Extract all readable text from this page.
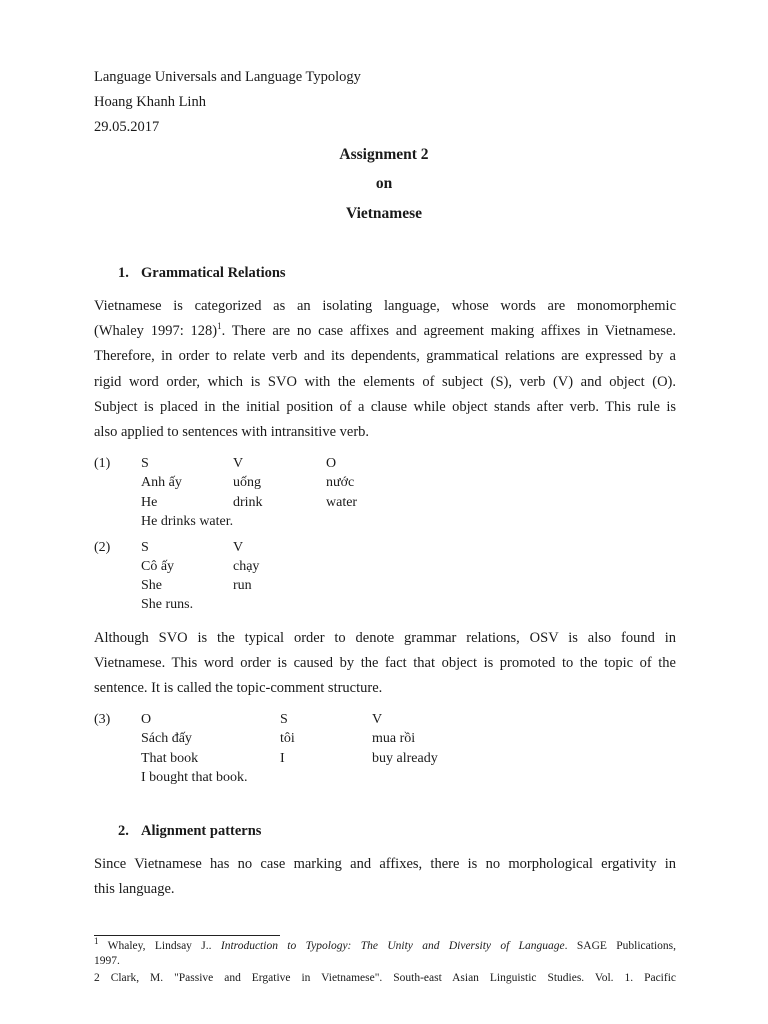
Language Universals and Language Typology
Hoang Khanh Linh
29.05.2017
Assignment 2
on
Vietnamese
1. Grammatical Relations
Vietnamese is categorized as an isolating language, whose words are monomorphemic
(Whaley 1997: 128)$^1$. There are no case affixes and agreement making affixes in Vietnamese.
Therefore, in order to relate verb and its dependents, grammatical relations are expressed by a
rigid word order, which is SVO with the elements of subject (S), verb (V) and object (O).
Subject is placed in the initial position of a clause while object stands after verb. This rule is
also applied to sentences with intransitive verb.
(1) S	V	O
Anh ấy	uống	nước
He	drink	water
He drinks water.
(2) S	V
Cô ấy	chạy
She	run
She runs.
Although SVO is the typical order to denote grammar relations, OSV is also found in
Vietnamese. This word order is caused by the fact that object is promoted to the topic of the
sentence. It is called the topic-comment structure.
(3) O	S	V
Sách đấy	tôi	mua rồi
That book	I	buy already
I bought that book.
2. Alignment patterns
Since Vietnamese has no case marking and affixes, there is no morphological ergativity in
this language.
$^1$ Whaley, Lindsay J.. Introduction to Typology: The Unity and Diversity of Language. SAGE Publications,
1997.
2 Clark, M. "Passive and Ergative in Vietnamese". South-east Asian Linguistic Studies. Vol. 1. Pacific
